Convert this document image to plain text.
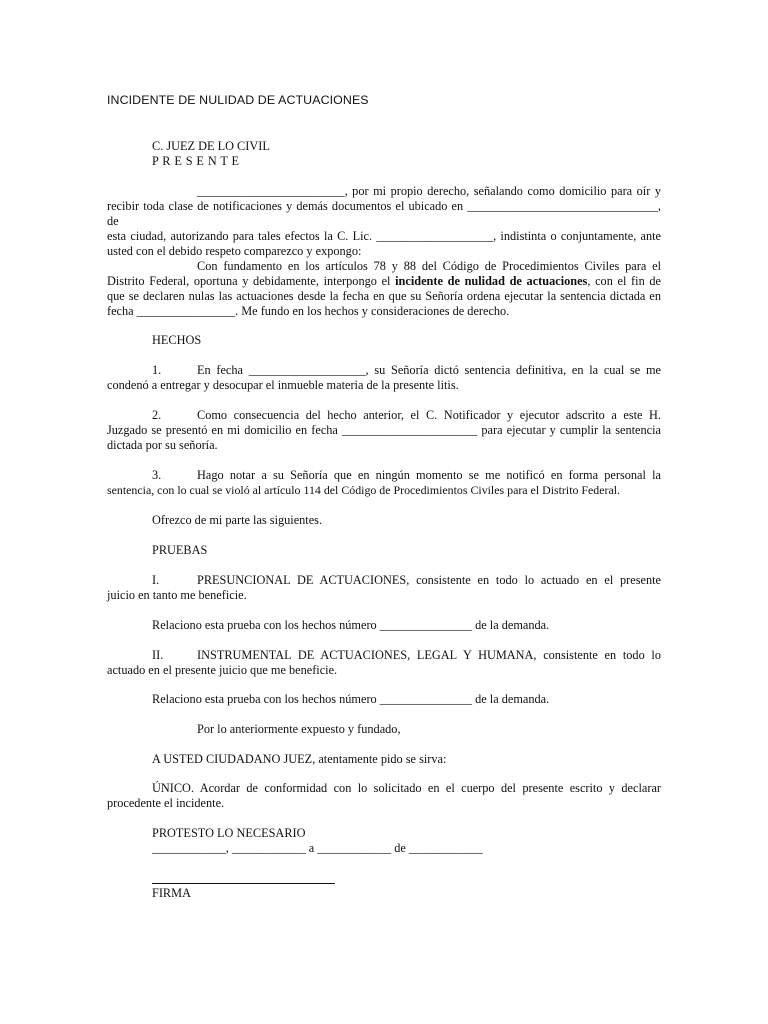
INCIDENTE DE NULIDAD DE ACTUACIONES
C. JUEZ DE LO CIVIL
P R E S E N T E
________________________, por mi propio derecho, señalando como domicilio para oír y
recibir toda clase de notificaciones y demás documentos el ubicado en _______________________________, de
esta ciudad, autorizando para tales efectos la C. Lic. ___________________, indistinta o conjuntamente, ante
usted con el debido respeto comparezco y expongo:
Con fundamento en los artículos 78 y 88 del Código de Procedimientos Civiles para el
Distrito Federal, oportuna y debidamente, interpongo el incidente de nulidad de actuaciones, con el fin de
que se declaren nulas las actuaciones desde la fecha en que su Señoría ordena ejecutar la sentencia dictada en
fecha ________________. Me fundo en los hechos y consideraciones de derecho.
HECHOS
1.	En fecha ___________________, su Señoría dictó sentencia definitiva, en la cual se me
condenó a entregar y desocupar el inmueble materia de la presente litis.
2.	Como consecuencia del hecho anterior, el C. Notificador y ejecutor adscrito a este H.
Juzgado se presentó en mi domicilio en fecha ______________________ para ejecutar y cumplir la sentencia
dictada por su señoría.
3.	Hago notar a su Señoría que en ningún momento se me notificó en forma personal la
sentencia, con lo cual se violó al artículo 114 del Código de Procedimientos Civiles para el Distrito Federal.
Ofrezco de mi parte las siguientes.
PRUEBAS
I.	PRESUNCIONAL DE ACTUACIONES, consistente en todo lo actuado en el presente
juicio en tanto me beneficie.
Relaciono esta prueba con los hechos número _______________ de la demanda.
II.	INSTRUMENTAL DE ACTUACIONES, LEGAL Y HUMANA, consistente en todo lo
actuado en el presente juicio que me beneficie.
Relaciono esta prueba con los hechos número _______________ de la demanda.
Por lo anteriormente expuesto y fundado,
A USTED CIUDADANO JUEZ, atentamente pido se sirva:
ÚNICO. Acordar de conformidad con lo solicitado en el cuerpo del presente escrito y declarar
procedente el incidente.
PROTESTO LO NECESARIO
____________, ____________ a ____________ de ____________
FIRMA
